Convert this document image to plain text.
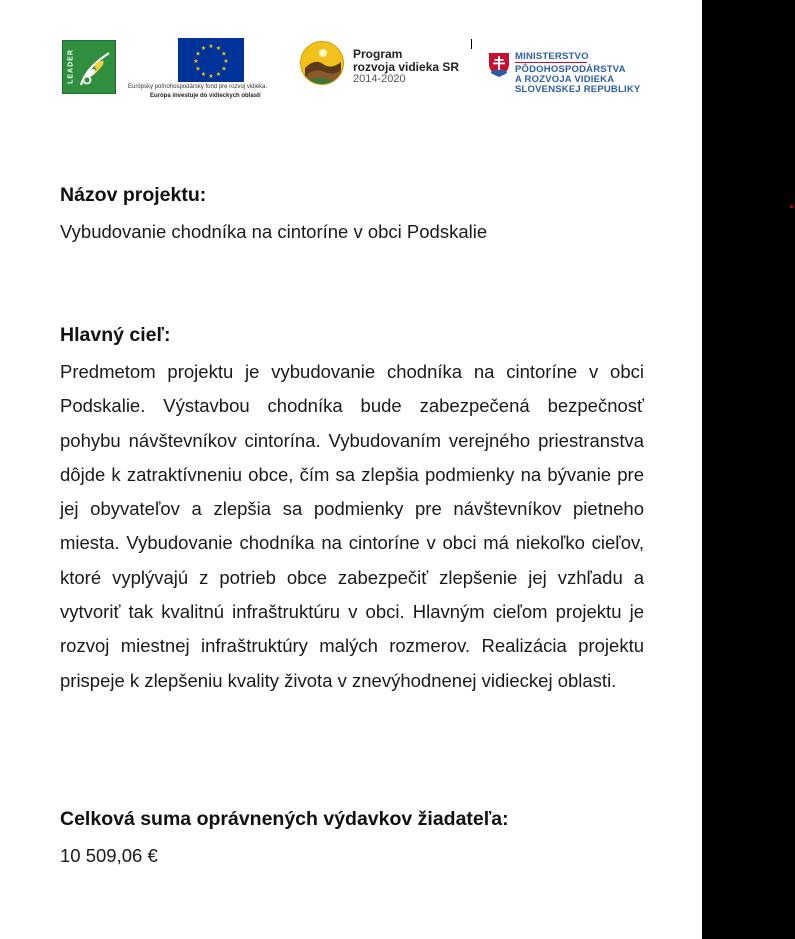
LEADER
★ ★
★
★
★
★
★
★
★
★
★
★
Európsky poľnohospodársky fond pre rozvoj vidieka:
Európa investuje do vidieckych oblastí
Program
rozvoja vidieka SR
2014-2020
MINISTERSTVO
PÔDOHOSPODÁRSTVA
A ROZVOJA VIDIEKA
SLOVENSKEJ REPUBLIKY
Názov projektu:
Vybudovanie chodníka na cintoríne v obci Podskalie
Hlavný cieľ:

Predmetom projektu je vybudovanie chodníka na cintoríne v obci Podskalie. Výstavbou chodníka bude zabezpečená bezpečnosť pohybu návštevníkov cintorína. Vybudovaním verejného priestranstva dôjde k zatraktívneniu obce, čím sa zlepšia podmienky na bývanie pre jej obyvateľov a zlepšia sa podmienky pre návštevníkov pietneho miesta. Vybudovanie chodníka na cintoríne v obci má niekoľko cieľov, ktoré vyplývajú z potrieb obce zabezpečiť zlepšenie jej vzhľadu a vytvoriť tak kvalitnú infraštruktúru v obci. Hlavným cieľom projektu je rozvoj miestnej infraštruktúry malých rozmerov. Realizácia projektu prispeje k zlepšeniu kvality života v znevýhodnenej vidieckej oblasti.

Celková suma oprávnených výdavkov žiadateľa:
10 509,06 €
